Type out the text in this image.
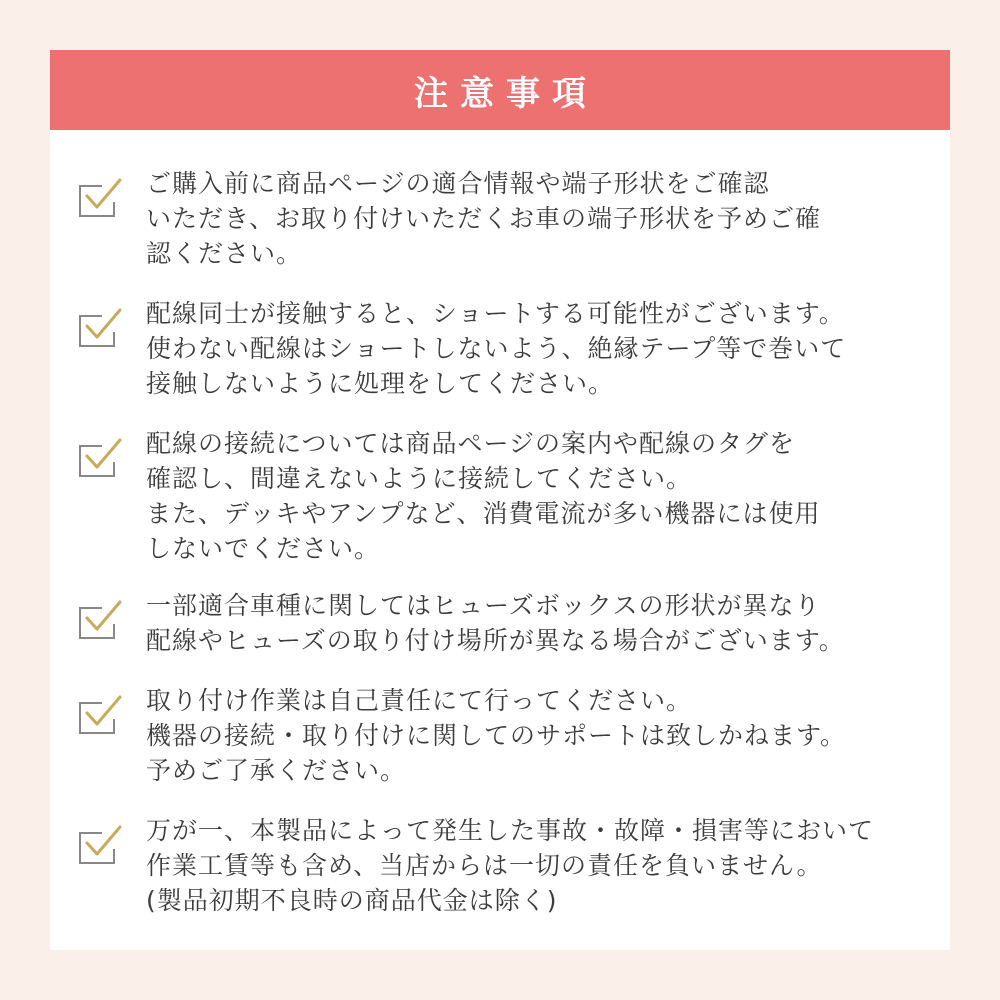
注意事項

ご購入前に商品ページの適合情報や端子形状をご確認
いただき、お取り付けいただくお車の端子形状を予めご確
認ください。

配線同士が接触すると、ショートする可能性がございます。
使わない配線はショートしないよう、絶縁テープ等で巻いて
接触しないように処理をしてください。

配線の接続については商品ページの案内や配線のタグを
確認し、間違えないように接続してください。
また、デッキやアンプなど、消費電流が多い機器には使用
しないでください。

一部適合車種に関してはヒューズボックスの形状が異なり
配線やヒューズの取り付け場所が異なる場合がございます。

取り付け作業は自己責任にて行ってください。
機器の接続・取り付けに関してのサポートは致しかねます。
予めご了承ください。

万が一、本製品によって発生した事故・故障・損害等において
作業工賃等も含め、当店からは一切の責任を負いません。
(製品初期不良時の商品代金は除く)
